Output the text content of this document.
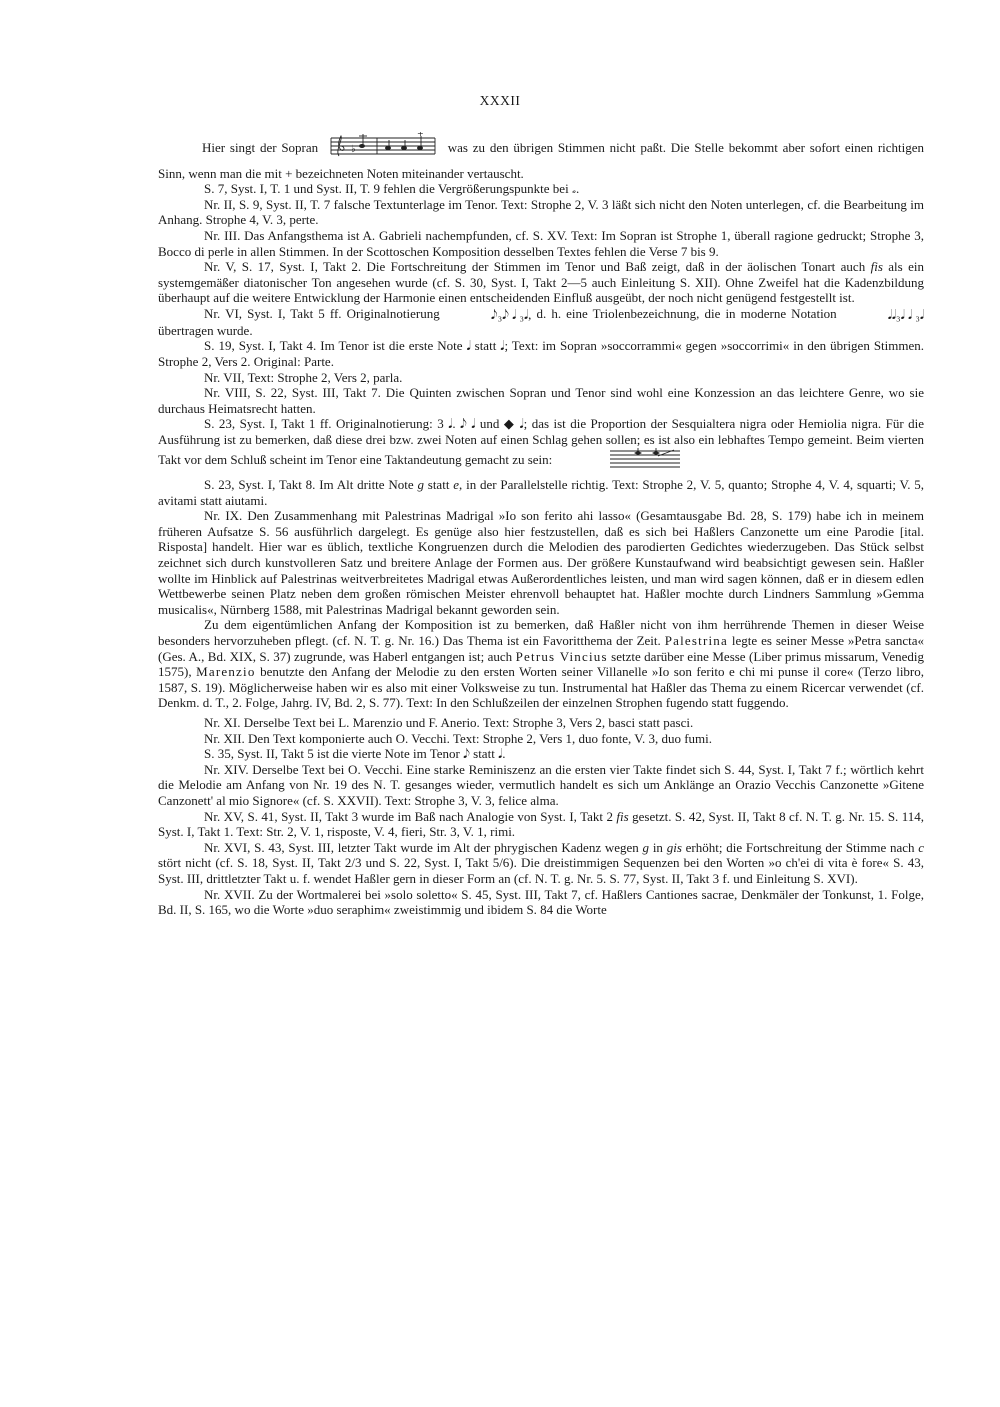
XXXII

Hier singt der Sopran
+
♭	was zu den übrigen Stimmen nicht paßt. Die Stelle bekommt aber sofort einen richtigen Sinn, wenn man die mit + bezeichneten Noten miteinander vertauscht.

S. 7, Syst. I, T. 1 und Syst. II, T. 9 fehlen die Vergrößerungspunkte bei 𝅗.

Nr. II, S. 9, Syst. II, T. 7 falsche Textunterlage im Tenor. Text: Strophe 2, V. 3 läßt sich nicht den Noten unterlegen, cf. die Bearbeitung im Anhang. Strophe 4, V. 3, perte.

Nr. III. Das Anfangsthema ist A. Gabrieli nachempfunden, cf. S. XV. Text: Im Sopran ist Strophe 1, überall ragione gedruckt; Strophe 3, Bocco di perle in allen Stimmen. In der Scottoschen Komposition desselben Textes fehlen die Verse 7 bis 9.

Nr. V, S. 17, Syst. I, Takt 2. Die Fortschreitung der Stimmen im Tenor und Baß zeigt, daß in der äolischen Tonart auch fis als ein systemgemäßer diatonischer Ton angesehen wurde (cf. S. 30, Syst. I, Takt 2—5 auch Einleitung S. XII). Ohne Zweifel hat die Kadenzbildung überhaupt auf die weitere Entwicklung der Harmonie einen entscheidenden Einfluß ausgeübt, der noch nicht genügend festgestellt ist.

Nr. VI, Syst. I, Takt 5 ff. Originalnotierung	𝅘𝅥𝅮₃𝅘𝅥𝅮 𝅘𝅥 ₃𝅘𝅥, d. h. eine Triolenbezeichnung, die in moderne Notation	𝅘𝅥𝅘𝅥₃𝅘𝅥 𝅘𝅥 ₃𝅘𝅥 übertragen wurde.

S. 19, Syst. I, Takt 4. Im Tenor ist die erste Note 𝅘𝅥 statt 𝅘𝅥; Text: im Sopran »soccorrammi« gegen »soccorrimi« in den übrigen Stimmen. Strophe 2, Vers 2. Original: Parte.

Nr. VII, Text: Strophe 2, Vers 2, parla.

Nr. VIII, S. 22, Syst. III, Takt 7. Die Quinten zwischen Sopran und Tenor sind wohl eine Konzession an das leichtere Genre, wo sie durchaus Heimatsrecht hatten.

S. 23, Syst. I, Takt 1 ff. Originalnotierung: 3 𝅘𝅥. 𝅘𝅥𝅮 𝅘𝅥 und ◆ 𝅘𝅥; das ist die Proportion der Sesquialtera nigra oder Hemiolia nigra. Für die Ausführung ist zu bemerken, daß diese drei bzw. zwei Noten auf einen Schlag gehen sollen; es ist also ein lebhaftes Tempo gemeint. Beim vierten Takt vor dem Schluß scheint im Tenor eine Taktandeutung gemacht zu sein:

S. 23, Syst. I, Takt 8. Im Alt dritte Note g statt e, in der Parallelstelle richtig. Text: Strophe 2, V. 5, quanto; Strophe 4, V. 4, squarti; V. 5, avitami statt aiutami.

Nr. IX. Den Zusammenhang mit Palestrinas Madrigal »Io son ferito ahi lasso« (Gesamtausgabe Bd. 28, S. 179) habe ich in meinem früheren Aufsatze S. 56 ausführlich dargelegt. Es genüge also hier festzustellen, daß es sich bei Haßlers Canzonette um eine Parodie [ital. Risposta] handelt. Hier war es üblich, textliche Kongruenzen durch die Melodien des parodierten Gedichtes wiederzugeben. Das Stück selbst zeichnet sich durch kunstvolleren Satz und breitere Anlage der Formen aus. Der größere Kunstaufwand wird beabsichtigt gewesen sein. Haßler wollte im Hinblick auf Palestrinas weitverbreitetes Madrigal etwas Außerordentliches leisten, und man wird sagen können, daß er in diesem edlen Wettbewerbe seinen Platz neben dem großen römischen Meister ehrenvoll behauptet hat. Haßler mochte durch Lindners Sammlung »Gemma musicalis«, Nürnberg 1588, mit Palestrinas Madrigal bekannt geworden sein.

Zu dem eigentümlichen Anfang der Komposition ist zu bemerken, daß Haßler nicht von ihm herrührende Themen in dieser Weise besonders hervorzuheben pflegt. (cf. N. T. g. Nr. 16.) Das Thema ist ein Favoritthema der Zeit. Palestrina legte es seiner Messe »Petra sancta« (Ges. A., Bd. XIX, S. 37) zugrunde, was Haberl entgangen ist; auch Petrus Vincius setzte darüber eine Messe (Liber primus missarum, Venedig 1575), Marenzio benutzte den Anfang der Melodie zu den ersten Worten seiner Villanelle »Io son ferito e chi mi punse il core« (Terzo libro, 1587, S. 19). Möglicherweise haben wir es also mit einer Volksweise zu tun. Instrumental hat Haßler das Thema zu einem Ricercar verwendet (cf. Denkm. d. T., 2. Folge, Jahrg. IV, Bd. 2, S. 77). Text: In den Schlußzeilen der einzelnen Strophen fugendo statt fuggendo.

Nr. XI. Derselbe Text bei L. Marenzio und F. Anerio. Text: Strophe 3, Vers 2, basci statt pasci.

Nr. XII. Den Text komponierte auch O. Vecchi. Text: Strophe 2, Vers 1, duo fonte, V. 3, duo fumi.

S. 35, Syst. II, Takt 5 ist die vierte Note im Tenor 𝅘𝅥𝅮 statt 𝅘𝅥.

Nr. XIV. Derselbe Text bei O. Vecchi. Eine starke Reminiszenz an die ersten vier Takte findet sich S. 44, Syst. I, Takt 7 f.; wörtlich kehrt die Melodie am Anfang von Nr. 19 des N. T. gesanges wieder, vermutlich handelt es sich um Anklänge an Orazio Vecchis Canzonette »Gitene Canzonett' al mio Signore« (cf. S. XXVII). Text: Strophe 3, V. 3, felice alma.

Nr. XV, S. 41, Syst. II, Takt 3 wurde im Baß nach Analogie von Syst. I, Takt 2 fis gesetzt. S. 42, Syst. II, Takt 8 cf. N. T. g. Nr. 15. S. 114, Syst. I, Takt 1. Text: Str. 2, V. 1, risposte, V. 4, fieri, Str. 3, V. 1, rimi.

Nr. XVI, S. 43, Syst. III, letzter Takt wurde im Alt der phrygischen Kadenz wegen g in gis erhöht; die Fortschreitung der Stimme nach c stört nicht (cf. S. 18, Syst. II, Takt 2/3 und S. 22, Syst. I, Takt 5/6). Die dreistimmigen Sequenzen bei den Worten »o ch'ei di vita è fore« S. 43, Syst. III, drittletzter Takt u. f. wendet Haßler gern in dieser Form an (cf. N. T. g. Nr. 5. S. 77, Syst. II, Takt 3 f. und Einleitung S. XVI).

Nr. XVII. Zu der Wortmalerei bei »solo soletto« S. 45, Syst. III, Takt 7, cf. Haßlers Cantiones sacrae, Denkmäler der Tonkunst, 1. Folge, Bd. II, S. 165, wo die Worte »duo seraphim« zweistimmig und ibidem S. 84 die Worte
